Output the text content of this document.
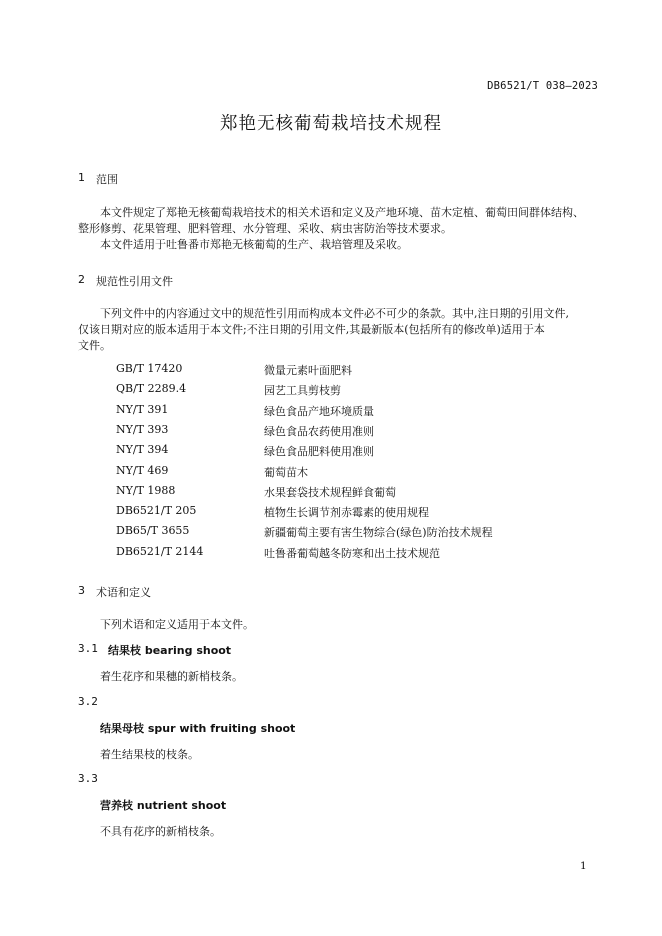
DB6521/T 038—2023
郑艳无核葡萄栽培技术规程
1 范围
本文件规定了郑艳无核葡萄栽培技术的相关术语和定义及产地环境、苗木定植、葡萄田间群体结构、
整形修剪、花果管理、肥料管理、水分管理、采收、病虫害防治等技术要求。
本文件适用于吐鲁番市郑艳无核葡萄的生产、栽培管理及采收。
2 规范性引用文件
下列文件中的内容通过文中的规范性引用而构成本文件必不可少的条款。其中,注日期的引用文件,
仅该日期对应的版本适用于本文件;不注日期的引用文件,其最新版本(包括所有的修改单)适用于本
文件。
GB/T 17420	微量元素叶面肥料
QB/T 2289.4	园艺工具剪枝剪
NY/T 391	绿色食品产地环境质量
NY/T 393	绿色食品农药使用准则
NY/T 394	绿色食品肥料使用准则
NY/T 469	葡萄苗木
NY/T 1988	水果套袋技术规程鲜食葡萄
DB6521/T 205	植物生长调节剂赤霉素的使用规程
DB65/T 3655	新疆葡萄主要有害生物综合(绿色)防治技术规程
DB6521/T 2144	吐鲁番葡萄越冬防寒和出土技术规范
3 术语和定义
下列术语和定义适用于本文件。
3.1 结果枝 bearing shoot
着生花序和果穗的新梢枝条。
3.2
结果母枝 spur with fruiting shoot
着生结果枝的枝条。
3.3
营养枝 nutrient shoot
不具有花序的新梢枝条。
1
